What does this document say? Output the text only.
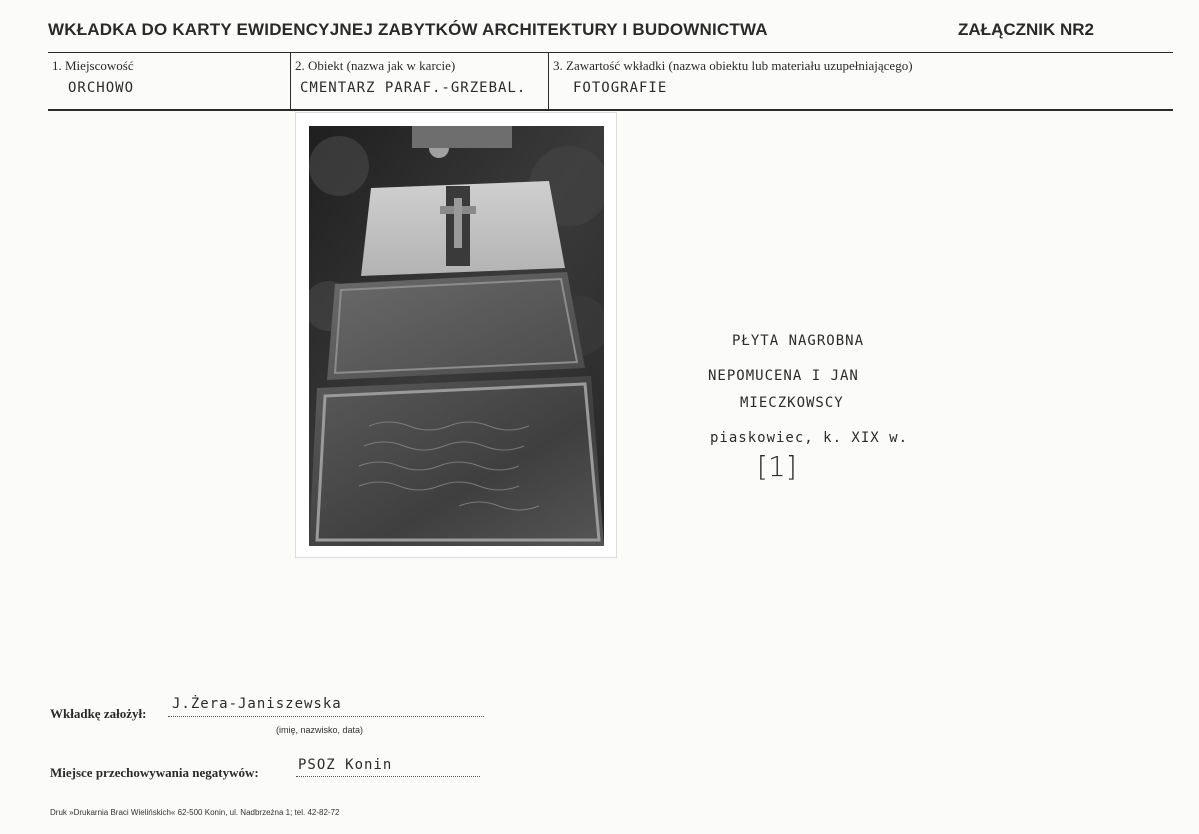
WKŁADKA DO KARTY EWIDENCYJNEJ ZABYTKÓW ARCHITEKTURY I BUDOWNICTWA	ZAŁĄCZNIK NR2
1. Miejscowość
ORCHOWO
2. Obiekt (nazwa jak w karcie)
CMENTARZ PARAF.-GRZEBAL.
3. Zawartość wkładki (nazwa obiektu lub materiału uzupełniającego)
FOTOGRAFIE
PŁYTA NAGROBNA
NEPOMUCENA I JAN
MIECZKOWSCY
piaskowiec, k. XIX w.
[1]
Wkładkę założył:
J.Żera-Janiszewska
(imię, nazwisko, data)
Miejsce przechowywania negatywów:	PSOZ Konin
Druk »Drukarnia Braci Wielińskich« 62-500 Konin, ul. Nadbrzeżna 1; tel. 42-82-72
